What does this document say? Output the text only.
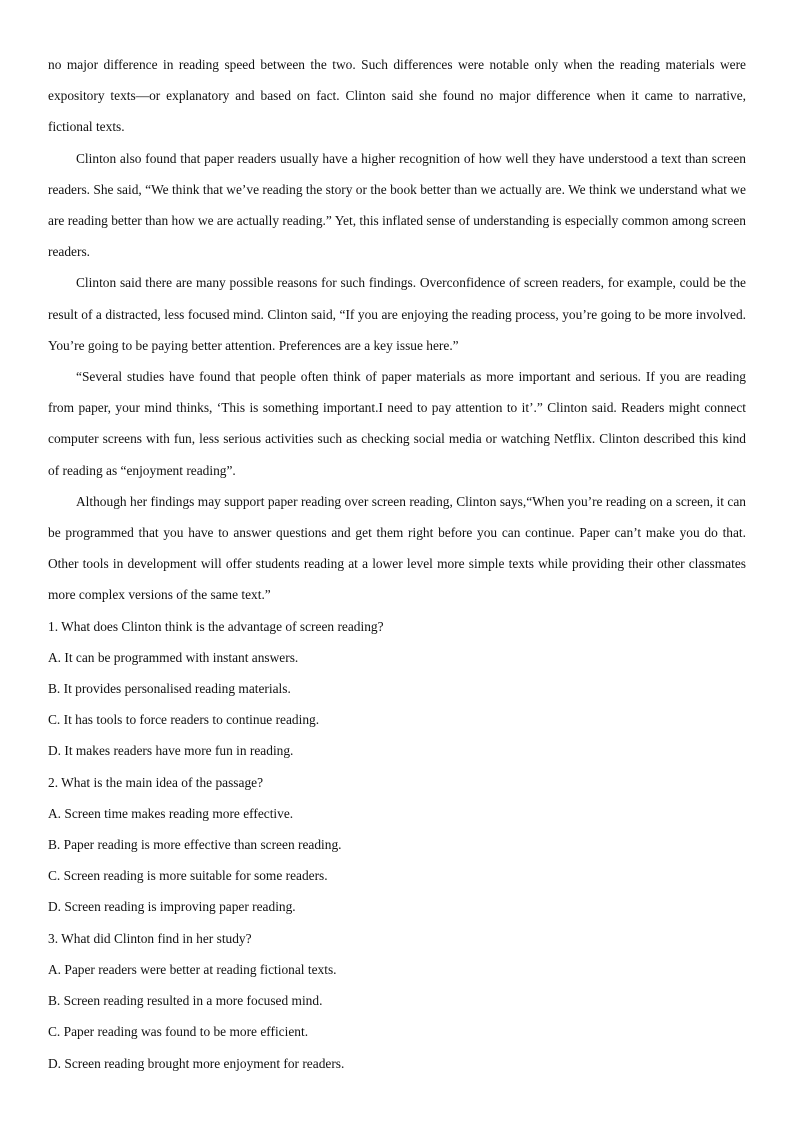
no major difference in reading speed between the two. Such differences were notable only when the reading materials were expository texts—or explanatory and based on fact. Clinton said she found no major difference when it came to narrative, fictional texts.

Clinton also found that paper readers usually have a higher recognition of how well they have understood a text than screen readers. She said, “We think that we’ve reading the story or the book better than we actually are. We think we understand what we are reading better than how we are actually reading.” Yet, this inflated sense of understanding is especially common among screen readers.

Clinton said there are many possible reasons for such findings. Overconfidence of screen readers, for example, could be the result of a distracted, less focused mind. Clinton said, “If you are enjoying the reading process, you’re going to be more involved. You’re going to be paying better attention. Preferences are a key issue here.”

“Several studies have found that people often think of paper materials as more important and serious. If you are reading from paper, your mind thinks, ‘This is something important.I need to pay attention to it’.” Clinton said. Readers might connect computer screens with fun, less serious activities such as checking social media or watching Netflix. Clinton described this kind of reading as “enjoyment reading”.

Although her findings may support paper reading over screen reading, Clinton says,“When you’re reading on a screen, it can be programmed that you have to answer questions and get them right before you can continue. Paper can’t make you do that. Other tools in development will offer students reading at a lower level more simple texts while providing their other classmates more complex versions of the same text.”

1. What does Clinton think is the advantage of screen reading?
A. It can be programmed with instant answers.
B. It provides personalised reading materials.
C. It has tools to force readers to continue reading.
D. It makes readers have more fun in reading.
2. What is the main idea of the passage?
A. Screen time makes reading more effective.
B. Paper reading is more effective than screen reading.
C. Screen reading is more suitable for some readers.
D. Screen reading is improving paper reading.
3. What did Clinton find in her study?
A. Paper readers were better at reading fictional texts.
B. Screen reading resulted in a more focused mind.
C. Paper reading was found to be more efficient.
D. Screen reading brought more enjoyment for readers.
